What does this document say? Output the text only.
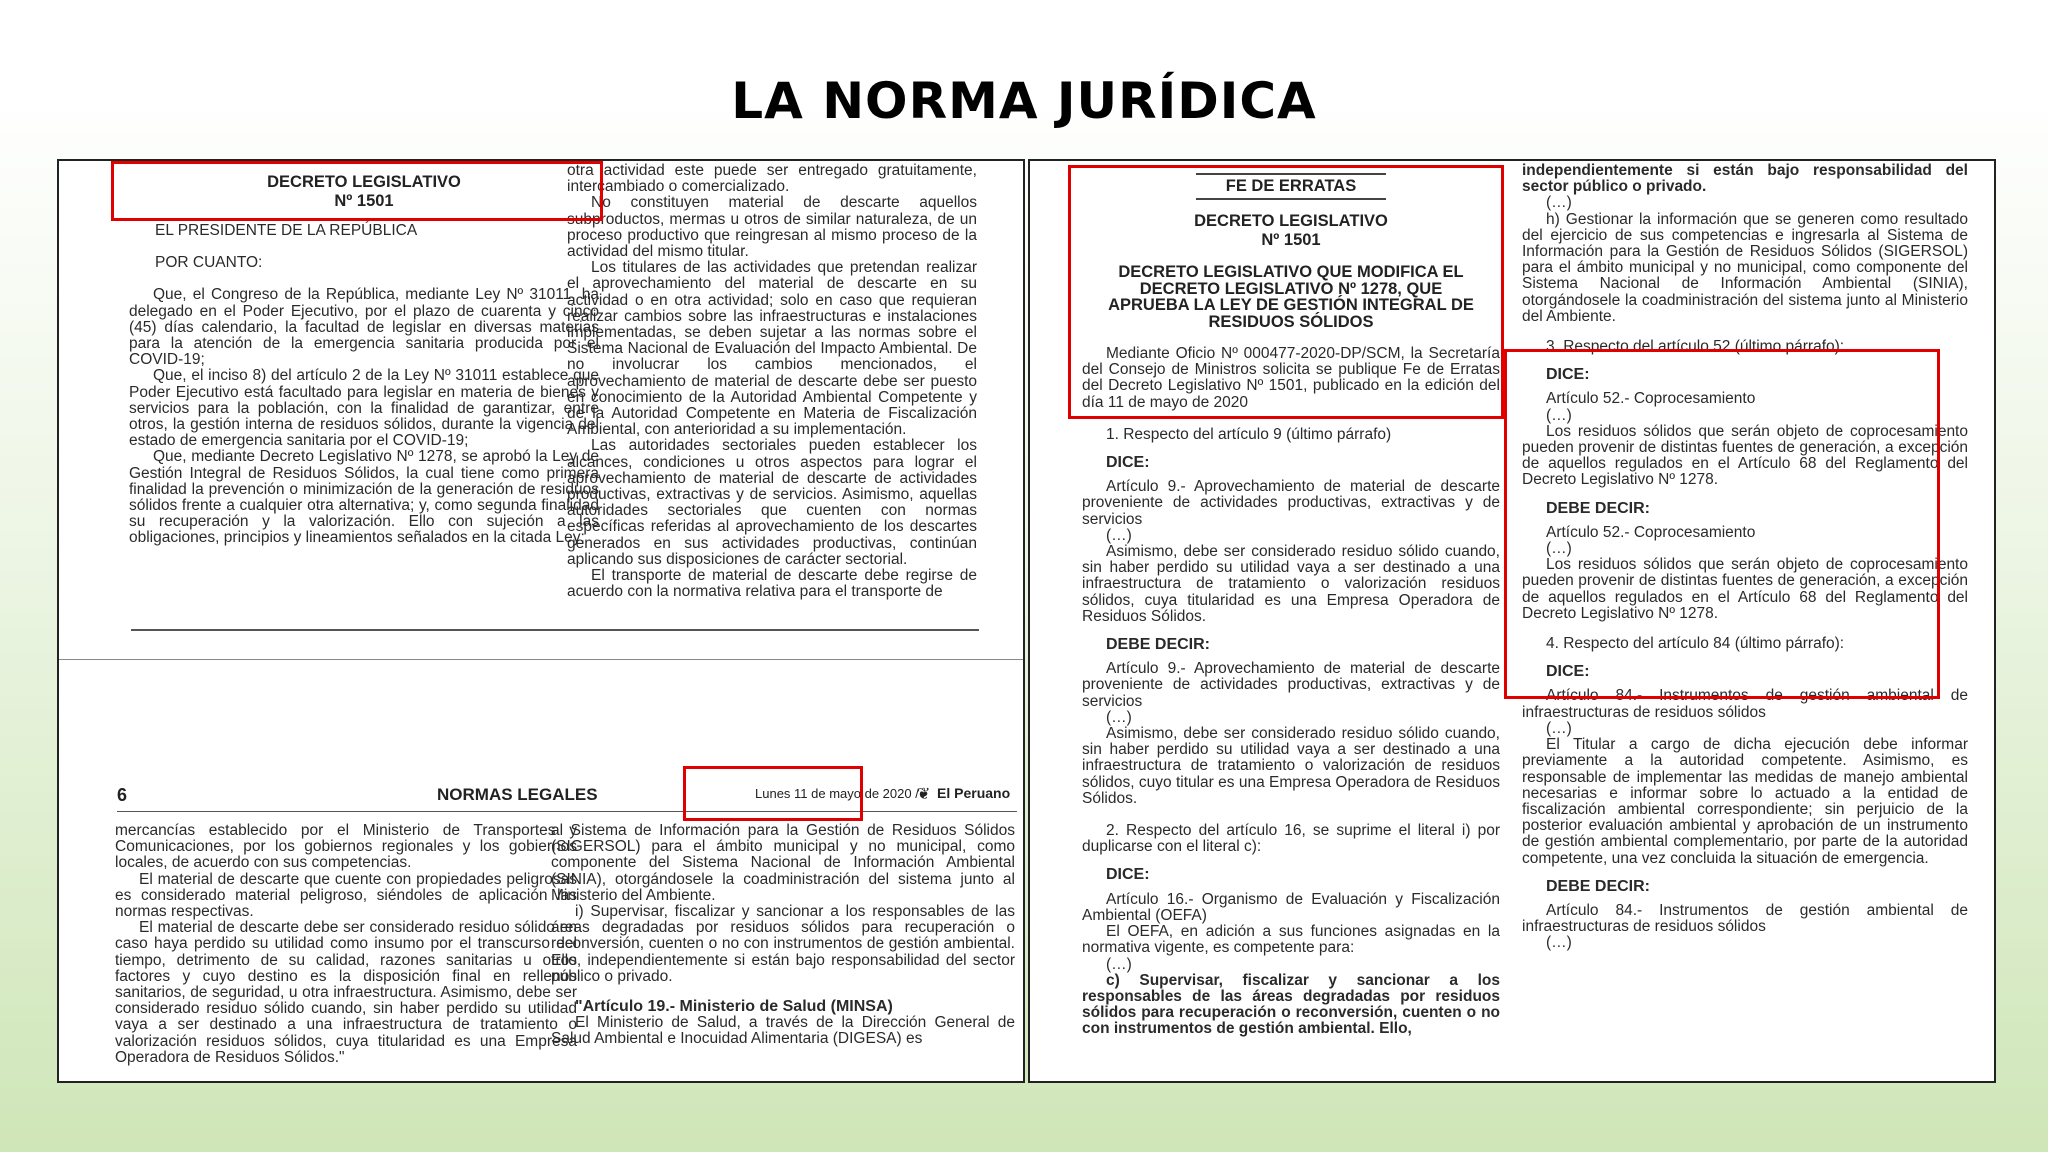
LA NORMA JURÍDICA
DECRETO LEGISLATIVO
Nº 1501

EL PRESIDENTE DE LA REPÚBLICA

POR CUANTO:

Que, el Congreso de la República, mediante Ley Nº 31011, ha delegado en el Poder Ejecutivo, por el plazo de cuarenta y cinco (45) días calendario, la facultad de legislar en diversas materias para la atención de la emergencia sanitaria producida por el COVID-19;

Que, el inciso 8) del artículo 2 de la Ley Nº 31011 establece que Poder Ejecutivo está facultado para legislar en materia de bienes y servicios para la población, con la finalidad de garantizar, entre otros, la gestión interna de residuos sólidos, durante la vigencia del estado de emergencia sanitaria por el COVID-19;

Que, mediante Decreto Legislativo Nº 1278, se aprobó la Ley de Gestión Integral de Residuos Sólidos, la cual tiene como primera finalidad la prevención o minimización de la generación de residuos sólidos frente a cualquier otra alternativa; y, como segunda finalidad su recuperación y la valorización. Ello con sujeción a las obligaciones, principios y lineamientos señalados en la citada Ley;

otra actividad este puede ser entregado gratuitamente, intercambiado o comercializado.

No constituyen material de descarte aquellos subproductos, mermas u otros de similar naturaleza, de un proceso productivo que reingresan al mismo proceso de la actividad del mismo titular.

Los titulares de las actividades que pretendan realizar el aprovechamiento del material de descarte en su actividad o en otra actividad; solo en caso que requieran realizar cambios sobre las infraestructuras e instalaciones implementadas, se deben sujetar a las normas sobre el Sistema Nacional de Evaluación del Impacto Ambiental. De no involucrar los cambios mencionados, el aprovechamiento de material de descarte debe ser puesto en conocimiento de la Autoridad Ambiental Competente y de la Autoridad Competente en Materia de Fiscalización Ambiental, con anterioridad a su implementación.

Las autoridades sectoriales pueden establecer los alcances, condiciones u otros aspectos para lograr el aprovechamiento de material de descarte de actividades productivas, extractivas y de servicios. Asimismo, aquellas autoridades sectoriales que cuenten con normas específicas referidas al aprovechamiento de los descartes generados en sus actividades productivas, continúan aplicando sus disposiciones de carácter sectorial.

El transporte de material de descarte debe regirse de acuerdo con la normativa relativa para el transporte de

6	NORMAS LEGALES	Lunes 11 de mayo de 2020 /
❦ El Peruano

mercancías establecido por el Ministerio de Transportes y Comunicaciones, por los gobiernos regionales y los gobiernos locales, de acuerdo con sus competencias.

El material de descarte que cuente con propiedades peligrosas es considerado material peligroso, siéndoles de aplicación las normas respectivas.

El material de descarte debe ser considerado residuo sólido en caso haya perdido su utilidad como insumo por el transcurso del tiempo, detrimento de su calidad, razones sanitarias u otros factores y cuyo destino es la disposición final en rellenos sanitarios, de seguridad, u otra infraestructura. Asimismo, debe ser considerado residuo sólido cuando, sin haber perdido su utilidad vaya a ser destinado a una infraestructura de tratamiento o valorización residuos sólidos, cuya titularidad es una Empresa Operadora de Residuos Sólidos."

al Sistema de Información para la Gestión de Residuos Sólidos (SIGERSOL) para el ámbito municipal y no municipal, como componente del Sistema Nacional de Información Ambiental (SINIA), otorgándosele la coadministración del sistema junto al Ministerio del Ambiente.

i) Supervisar, fiscalizar y sancionar a los responsables de las áreas degradadas por residuos sólidos para recuperación o reconversión, cuenten o no con instrumentos de gestión ambiental. Ello, independientemente si están bajo responsabilidad del sector público o privado.

"Artículo 19.- Ministerio de Salud (MINSA)

El Ministerio de Salud, a través de la Dirección General de Salud Ambiental e Inocuidad Alimentaria (DIGESA) es

FE DE ERRATAS
DECRETO LEGISLATIVO
Nº 1501
DECRETO LEGISLATIVO QUE MODIFICA EL DECRETO LEGISLATIVO Nº 1278, QUE APRUEBA LA LEY DE GESTIÓN INTEGRAL DE RESIDUOS SÓLIDOS

Mediante Oficio Nº 000477-2020-DP/SCM, la Secretaría del Consejo de Ministros solicita se publique Fe de Erratas del Decreto Legislativo Nº 1501, publicado en la edición del día 11 de mayo de 2020

1. Respecto del artículo 9 (último párrafo)

DICE:

Artículo 9.- Aprovechamiento de material de descarte proveniente de actividades productivas, extractivas y de servicios

(…)

Asimismo, debe ser considerado residuo sólido cuando, sin haber perdido su utilidad vaya a ser destinado a una infraestructura de tratamiento o valorización residuos sólidos, cuya titularidad es una Empresa Operadora de Residuos Sólidos.

DEBE DECIR:

Artículo 9.- Aprovechamiento de material de descarte proveniente de actividades productivas, extractivas y de servicios

(…)

Asimismo, debe ser considerado residuo sólido cuando, sin haber perdido su utilidad vaya a ser destinado a una infraestructura de tratamiento o valorización de residuos sólidos, cuyo titular es una Empresa Operadora de Residuos Sólidos.

2. Respecto del artículo 16, se suprime el literal i) por duplicarse con el literal c):

DICE:

Artículo 16.- Organismo de Evaluación y Fiscalización Ambiental (OEFA)

El OEFA, en adición a sus funciones asignadas en la normativa vigente, es competente para:

(…)

c) Supervisar, fiscalizar y sancionar a los responsables de las áreas degradadas por residuos sólidos para recuperación o reconversión, cuenten o no con instrumentos de gestión ambiental. Ello,

independientemente si están bajo responsabilidad del sector público o privado.

(…)

h) Gestionar la información que se generen como resultado del ejercicio de sus competencias e ingresarla al Sistema de Información para la Gestión de Residuos Sólidos (SIGERSOL) para el ámbito municipal y no municipal, como componente del Sistema Nacional de Información Ambiental (SINIA), otorgándosele la coadministración del sistema junto al Ministerio del Ambiente.

3. Respecto del artículo 52 (último párrafo):

DICE:

Artículo 52.- Coprocesamiento

(…)

Los residuos sólidos que serán objeto de coprocesamiento pueden provenir de distintas fuentes de generación, a excepción de aquellos regulados en el Artículo 68 del Reglamento del Decreto Legislativo Nº 1278.

DEBE DECIR:

Artículo 52.- Coprocesamiento

(…)

Los residuos sólidos que serán objeto de coprocesamiento pueden provenir de distintas fuentes de generación, a excepción de aquellos regulados en el Artículo 68 del Reglamento del Decreto Legislativo Nº 1278.

4. Respecto del artículo 84 (último párrafo):

DICE:

Artículo 84.- Instrumentos de gestión ambiental de infraestructuras de residuos sólidos

(…)

El Titular a cargo de dicha ejecución debe informar previamente a la autoridad competente. Asimismo, es responsable de implementar las medidas de manejo ambiental necesarias e informar sobre lo actuado a la entidad de fiscalización ambiental correspondiente; sin perjuicio de la posterior evaluación ambiental y aprobación de un instrumento de gestión ambiental complementario, por parte de la autoridad competente, una vez concluida la situación de emergencia.

DEBE DECIR:

Artículo 84.- Instrumentos de gestión ambiental de infraestructuras de residuos sólidos

(…)
